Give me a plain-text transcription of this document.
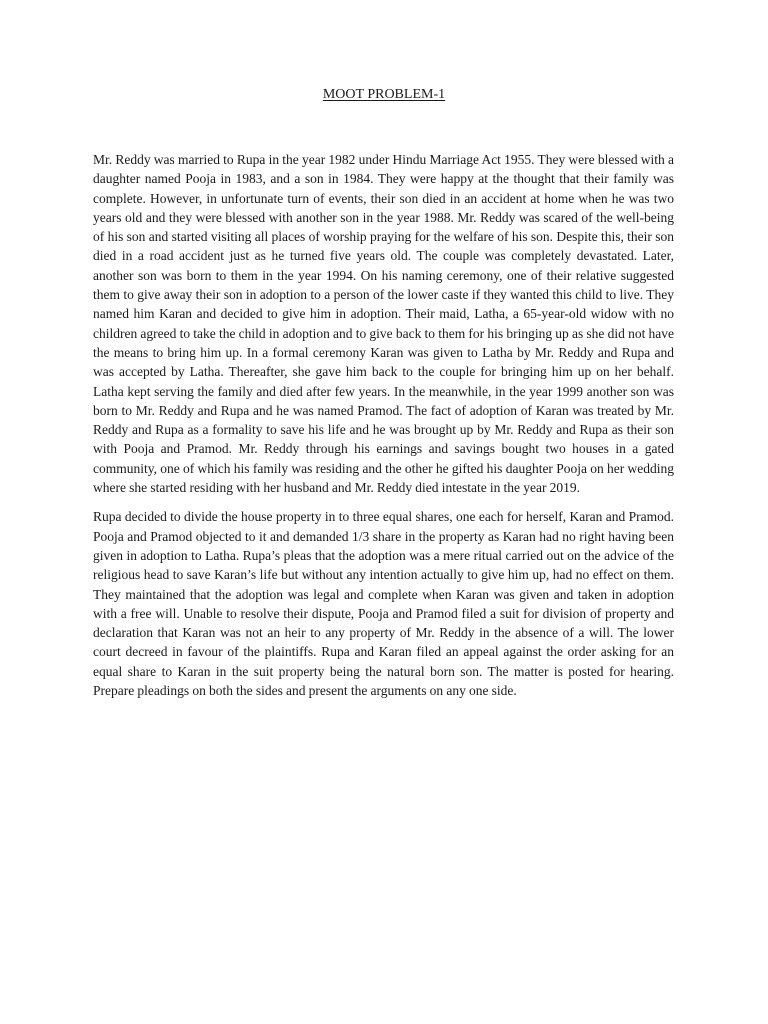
MOOT PROBLEM-1

Mr. Reddy was married to Rupa in the year 1982 under Hindu Marriage Act 1955. They were blessed with a daughter named Pooja in 1983, and a son in 1984. They were happy at the thought that their family was complete. However, in unfortunate turn of events, their son died in an accident at home when he was two years old and they were blessed with another son in the year 1988. Mr. Reddy was scared of the well-being of his son and started visiting all places of worship praying for the welfare of his son. Despite this, their son died in a road accident just as he turned five years old. The couple was completely devastated. Later, another son was born to them in the year 1994. On his naming ceremony, one of their relative suggested them to give away their son in adoption to a person of the lower caste if they wanted this child to live. They named him Karan and decided to give him in adoption. Their maid, Latha, a 65-year-old widow with no children agreed to take the child in adoption and to give back to them for his bringing up as she did not have the means to bring him up. In a formal ceremony Karan was given to Latha by Mr. Reddy and Rupa and was accepted by Latha. Thereafter, she gave him back to the couple for bringing him up on her behalf. Latha kept serving the family and died after few years. In the meanwhile, in the year 1999 another son was born to Mr. Reddy and Rupa and he was named Pramod. The fact of adoption of Karan was treated by Mr. Reddy and Rupa as a formality to save his life and he was brought up by Mr. Reddy and Rupa as their son with Pooja and Pramod. Mr. Reddy through his earnings and savings bought two houses in a gated community, one of which his family was residing and the other he gifted his daughter Pooja on her wedding where she started residing with her husband and Mr. Reddy died intestate in the year 2019.

Rupa decided to divide the house property in to three equal shares, one each for herself, Karan and Pramod. Pooja and Pramod objected to it and demanded 1/3 share in the property as Karan had no right having been given in adoption to Latha. Rupa’s pleas that the adoption was a mere ritual carried out on the advice of the religious head to save Karan’s life but without any intention actually to give him up, had no effect on them. They maintained that the adoption was legal and complete when Karan was given and taken in adoption with a free will. Unable to resolve their dispute, Pooja and Pramod filed a suit for division of property and declaration that Karan was not an heir to any property of Mr. Reddy in the absence of a will. The lower court decreed in favour of the plaintiffs. Rupa and Karan filed an appeal against the order asking for an equal share to Karan in the suit property being the natural born son. The matter is posted for hearing. Prepare pleadings on both the sides and present the arguments on any one side.
